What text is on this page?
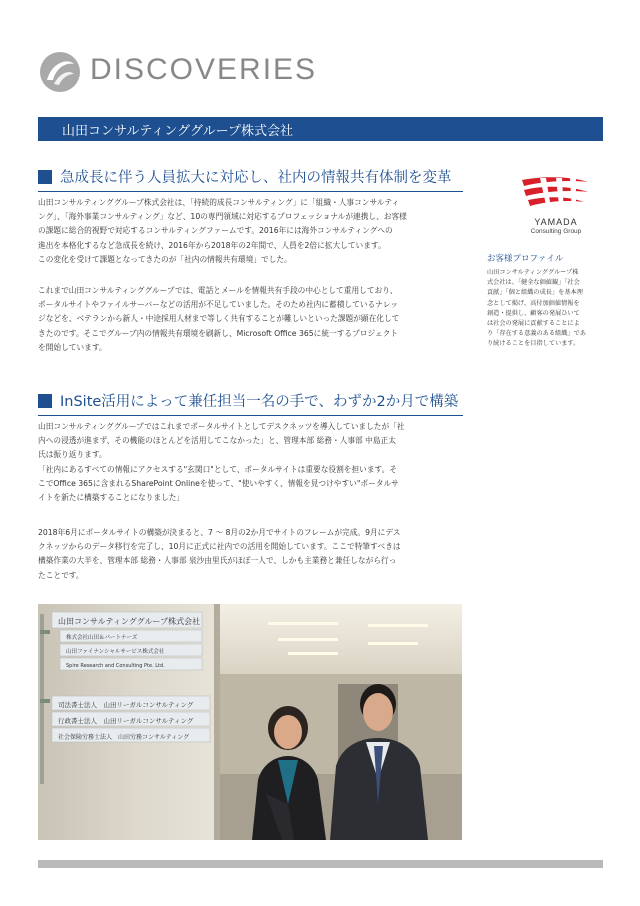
DISCOVERIES
山田コンサルティンググループ株式会社
急成長に伴う人員拡大に対応し、社内の情報共有体制を変革
山田コンサルティンググループ株式会社は、「持続的成長コンサルティング」に「組織・人事コンサルティ
ング」、「海外事業コンサルティング」など、10の専門領域に対応するプロフェッショナルが連携し、お客様
の課題に総合的視野で対応するコンサルティングファームです。2016年には海外コンサルティングへの
進出を本格化するなど急成長を続け、2016年から2018年の2年間で、人員を2倍に拡大しています。
この変化を受けて課題となってきたのが「社内の情報共有環境」でした。
これまで山田コンサルティンググループでは、電話とメールを情報共有手段の中心として重用しており、
ポータルサイトやファイルサーバーなどの活用が不足していました。そのため社内に蓄積しているナレッ
ジなどを、ベテランから新人・中途採用人材まで等しく共有することが難しいといった課題が顕在化して
きたのです。そこでグループ内の情報共有環境を刷新し、Microsoft Office 365に統一するプロジェクト
を開始しています。
InSite活用によって兼任担当一名の手で、わずか2か月で構築
山田コンサルティンググループではこれまでポータルサイトとしてデスクネッツを導入していましたが「社
内への浸透が進まず、その機能のほとんどを活用してこなかった」と、管理本部 総務・人事部 中島正太
氏は振り返ります。
「社内にあるすべての情報にアクセスする"玄関口"として、ポータルサイトは重要な役割を担います。そ
こでOffice 365に含まれるSharePoint Onlineを使って、"使いやすく、情報を見つけやすい"ポータルサ
イトを新たに構築することになりました」
2018年6月にポータルサイトの構築が決まると、7 〜 8月の2か月でサイトのフレームが完成。9月にデス
クネッツからのデータ移行を完了し、10月に正式に社内での活用を開始しています。ここで特筆すべきは
構築作業の大半を、管理本部 総務・人事部 泉沙由里氏がほぼ一人で、しかも主業務と兼任しながら行っ
たことです。
YAMADA
Consulting Group
お客様プロファイル
山田コンサルティンググループ株
式会社は、「健全な価値観」「社会
貢献」「個と組織の成長」を基本理
念として掲げ、高付加価値情報を
創造・提供し、顧客の発展ひいて
は社会の発展に貢献することによ
り「存在する意義のある組織」であ
り続けることを目指しています。
山田コンサルティンググループ株式会社
株式会社山田＆パートナーズ
山田ファイナンシャルサービス株式会社
Spire Research and Consulting Pte. Ltd.
司法書士法人　山田リーガルコンサルティング
行政書士法人　山田リーガルコンサルティング
社会保険労務士法人　山田労務コンサルティング
